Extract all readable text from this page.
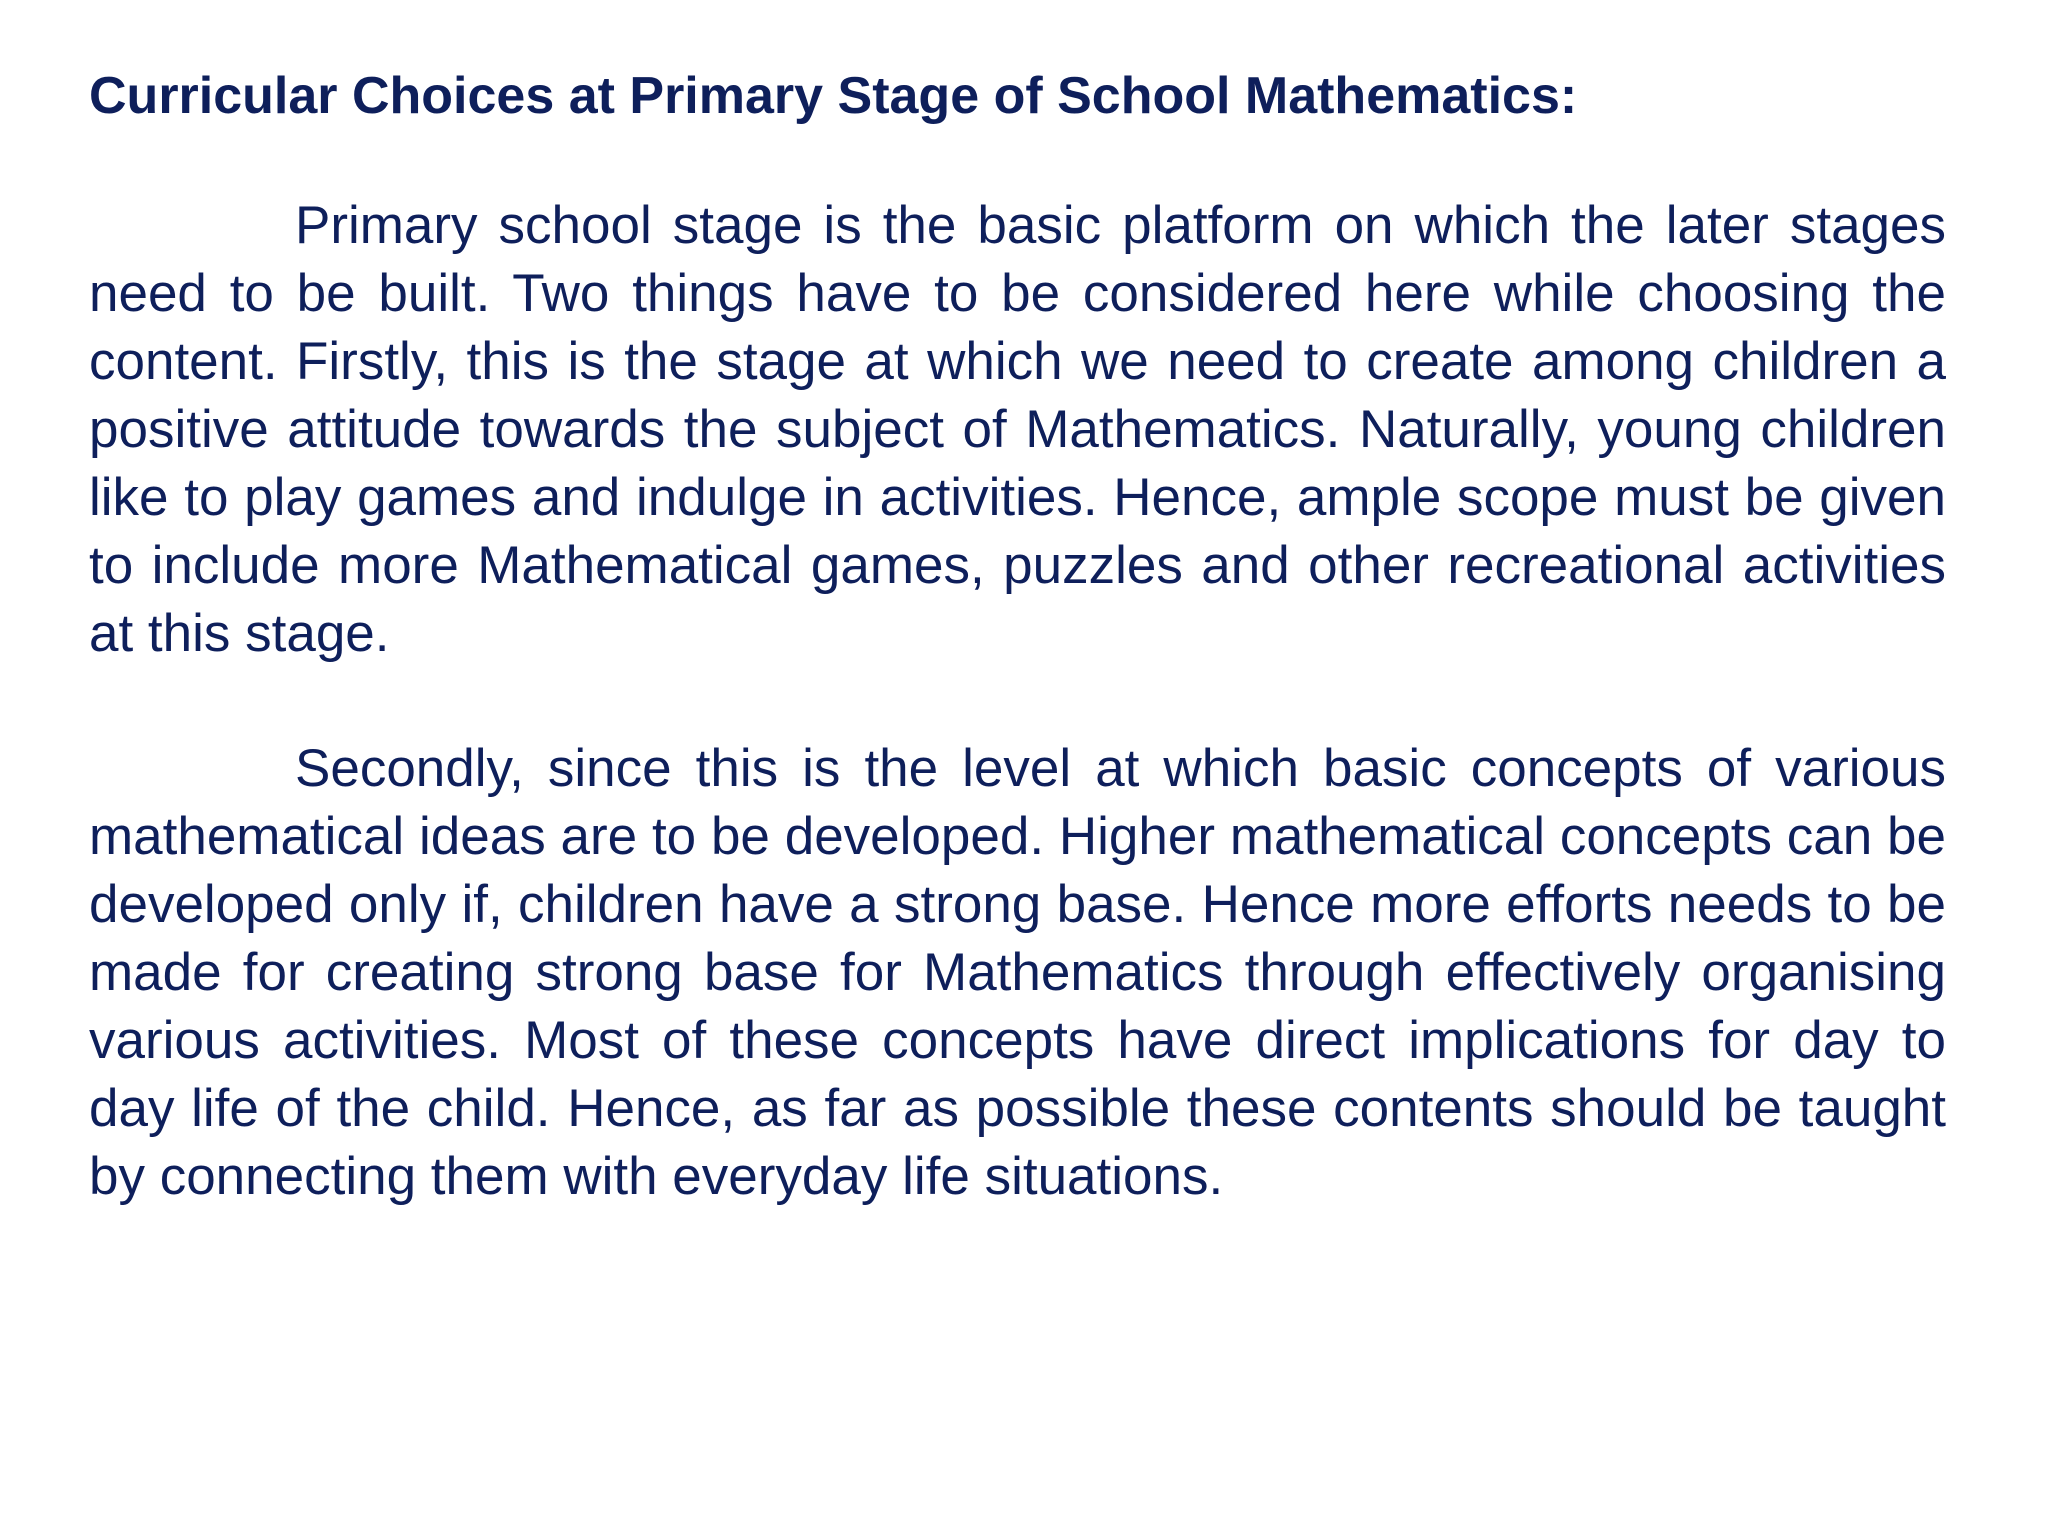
Curricular Choices at Primary Stage of School Mathematics:

Primary school stage is the basic platform on which the later stages need to be built. Two things have to be considered here while choosing the content. Firstly, this is the stage at which we need to create among children a positive attitude towards the subject of Mathematics. Naturally, young children like to play games and indulge in activities. Hence, ample scope must be given to include more Mathematical games, puzzles and other recreational activities at this stage.

Secondly, since this is the level at which basic concepts of various mathematical ideas are to be developed. Higher mathematical concepts can be developed only if, children have a strong base. Hence more efforts needs to be made for creating strong base for Mathematics through effectively organising various activities. Most of these concepts have direct implications for day to day life of the child. Hence, as far as possible these contents should be taught by connecting them with everyday life situations.
